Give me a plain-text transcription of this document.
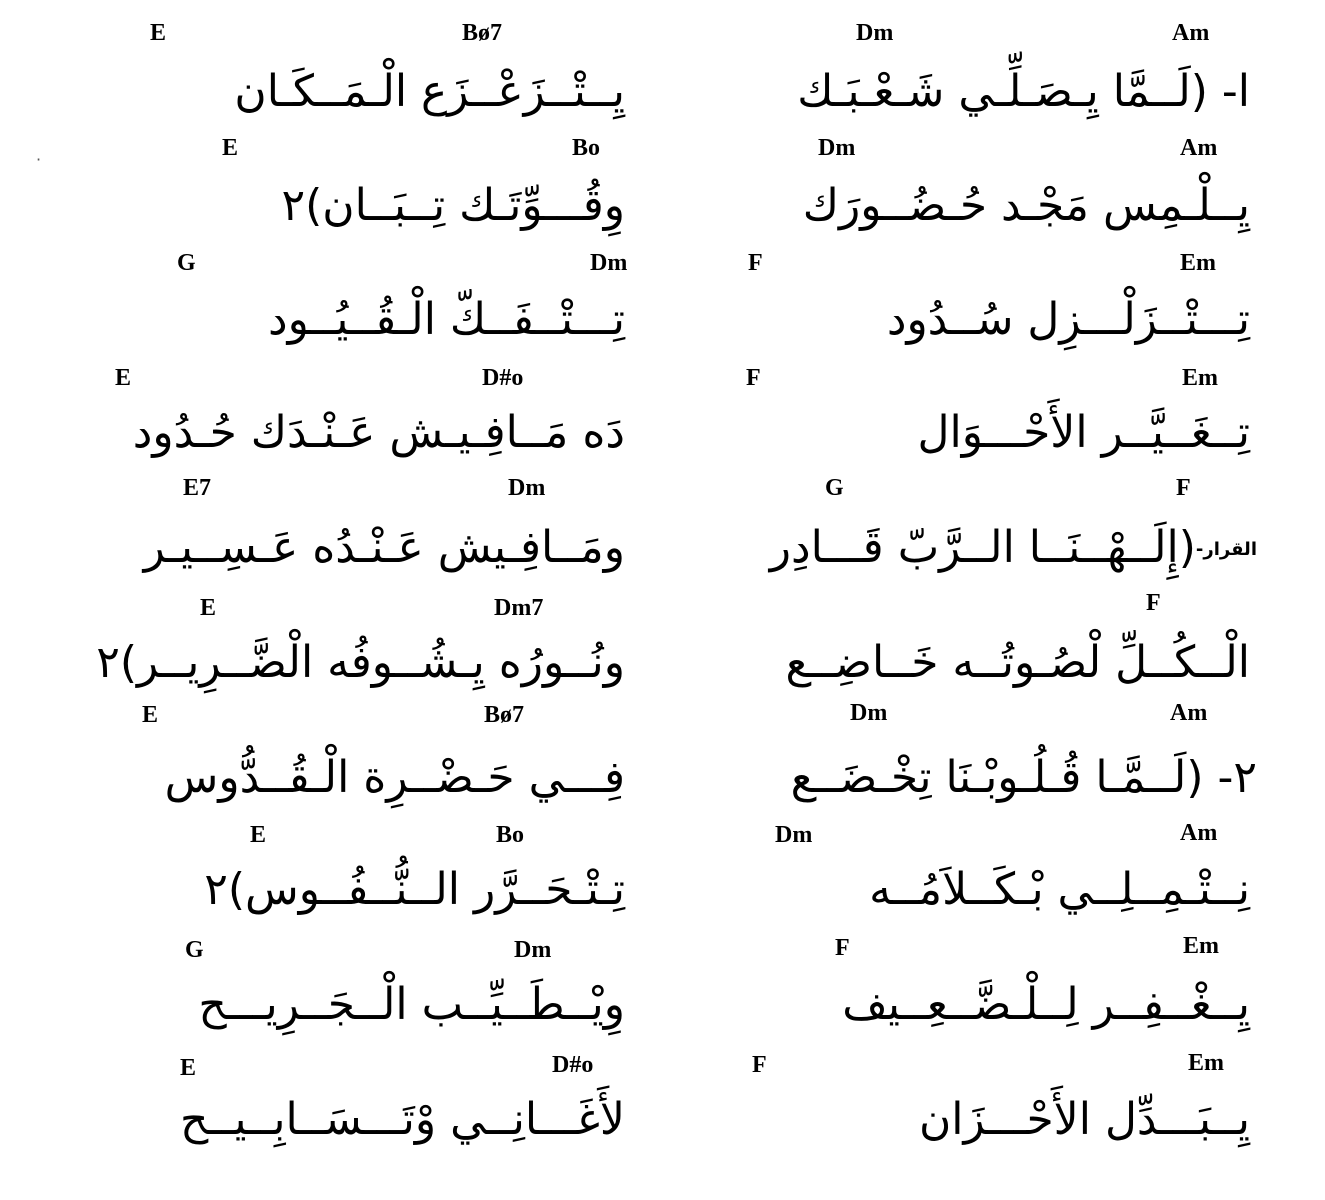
E	Bø7	Dm	Am
يِــتْــزَعْــزَع الْـمَــكَـان	ا- (لَــمَّا يِـصَـلِّـي شَـعْـبَـك
E	Bo	Dm	Am
وِقُـــوِّتَـك تِــبَــان)٢	يِــلْـمِس مَجْـد حُـضُــورَك
G	Dm	F	Em
تِـــتْــفَــكّ الْـقُــيُــود	تِـــتْــزَلْـــزِل سُــدُود
E	D#o	F	Em
دَه مَــافِـيـش عَـنْـدَك حُـدُود	تِــغَــيَّــر الأَحْـــوَال
E7	Dm	G	F
ومَــافِـيش عَـنْـدُه عَـسِــيـر	القرار-(إِلَــهْــنَــا الــرَّبّ قَـــادِر
E	Dm7	F
ونُــورُه يِـشُــوفُه الْضَّــرِيــر)٢	الْــكُــلِّ لْصُـوتُــه خَــاضِــع
E	Bø7	Dm	Am
فِـــي حَـضْــرِة الْـقُــدُّوس	٢- (لَــمَّـا قُـلُـوبْـنَا تِخْـضَــع
E	Bo	Dm	Am
تِـتْـحَــرَّر الــنُّــفُــوس)٢	نِــتْـمِــلِــي بْـكَــلاَمُــه
G	Dm	F	Em
وِيْــطَــيِّــب الْــجَــرِيـــح	يِــغْــفِــر لِــلْـضَّــعِــيف
E	D#o	F	Em
لأَغَـــانِــي وْتَـــسَــابِــيــح	يِــبَـــدِّل الأَحْـــزَان
·
